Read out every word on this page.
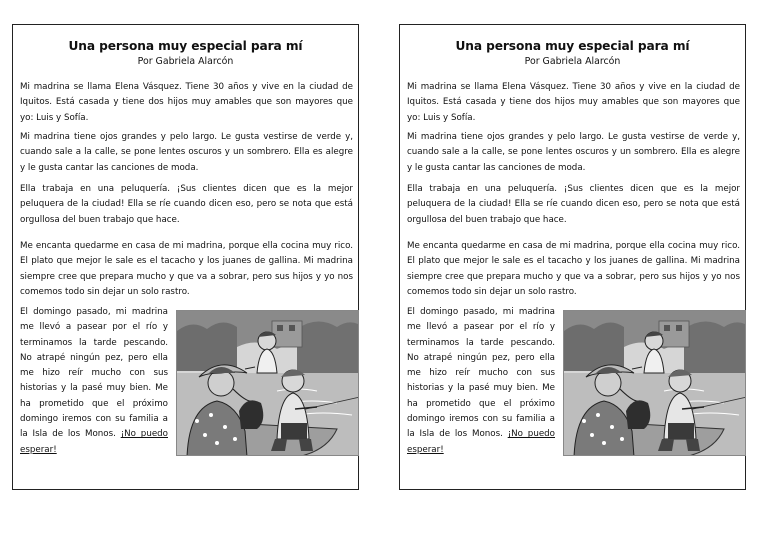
Una persona muy especial para mí
Por Gabriela Alarcón

Mi madrina se llama Elena Vásquez. Tiene 30 años y vive en la ciudad de Iquitos. Está casada y tiene dos hijos muy amables que son mayores que yo: Luis y Sofía.

Mi madrina tiene ojos grandes y pelo largo. Le gusta vestirse de verde y, cuando sale a la calle, se pone lentes oscuros y un sombrero. Ella es alegre y le gusta cantar las canciones de moda.

Ella trabaja en una peluquería. ¡Sus clientes dicen que es la mejor peluquera de la ciudad! Ella se ríe cuando dicen eso, pero se nota que está orgullosa del buen trabajo que hace.

Me encanta quedarme en casa de mi madrina, porque ella cocina muy rico. El plato que mejor le sale es el tacacho y los juanes de gallina. Mi madrina siempre cree que prepara mucho y que va a sobrar, pero sus hijos y yo nos comemos todo sin dejar un solo rastro.

El domingo pasado, mi madrina me llevó a pasear por el río y terminamos la tarde pescando. No atrapé ningún pez, pero ella me hizo reír mucho con sus historias y la pasé muy bien. Me ha prometido que el próximo domingo iremos con su familia a la Isla de los Monos. ¡No puedo esperar!

Una persona muy especial para mí
Por Gabriela Alarcón

Mi madrina se llama Elena Vásquez. Tiene 30 años y vive en la ciudad de Iquitos. Está casada y tiene dos hijos muy amables que son mayores que yo: Luis y Sofía.

Mi madrina tiene ojos grandes y pelo largo. Le gusta vestirse de verde y, cuando sale a la calle, se pone lentes oscuros y un sombrero. Ella es alegre y le gusta cantar las canciones de moda.

Ella trabaja en una peluquería. ¡Sus clientes dicen que es la mejor peluquera de la ciudad! Ella se ríe cuando dicen eso, pero se nota que está orgullosa del buen trabajo que hace.

Me encanta quedarme en casa de mi madrina, porque ella cocina muy rico. El plato que mejor le sale es el tacacho y los juanes de gallina. Mi madrina siempre cree que prepara mucho y que va a sobrar, pero sus hijos y yo nos comemos todo sin dejar un solo rastro.

El domingo pasado, mi madrina me llevó a pasear por el río y terminamos la tarde pescando. No atrapé ningún pez, pero ella me hizo reír mucho con sus historias y la pasé muy bien. Me ha prometido que el próximo domingo iremos con su familia a la Isla de los Monos. ¡No puedo esperar!
